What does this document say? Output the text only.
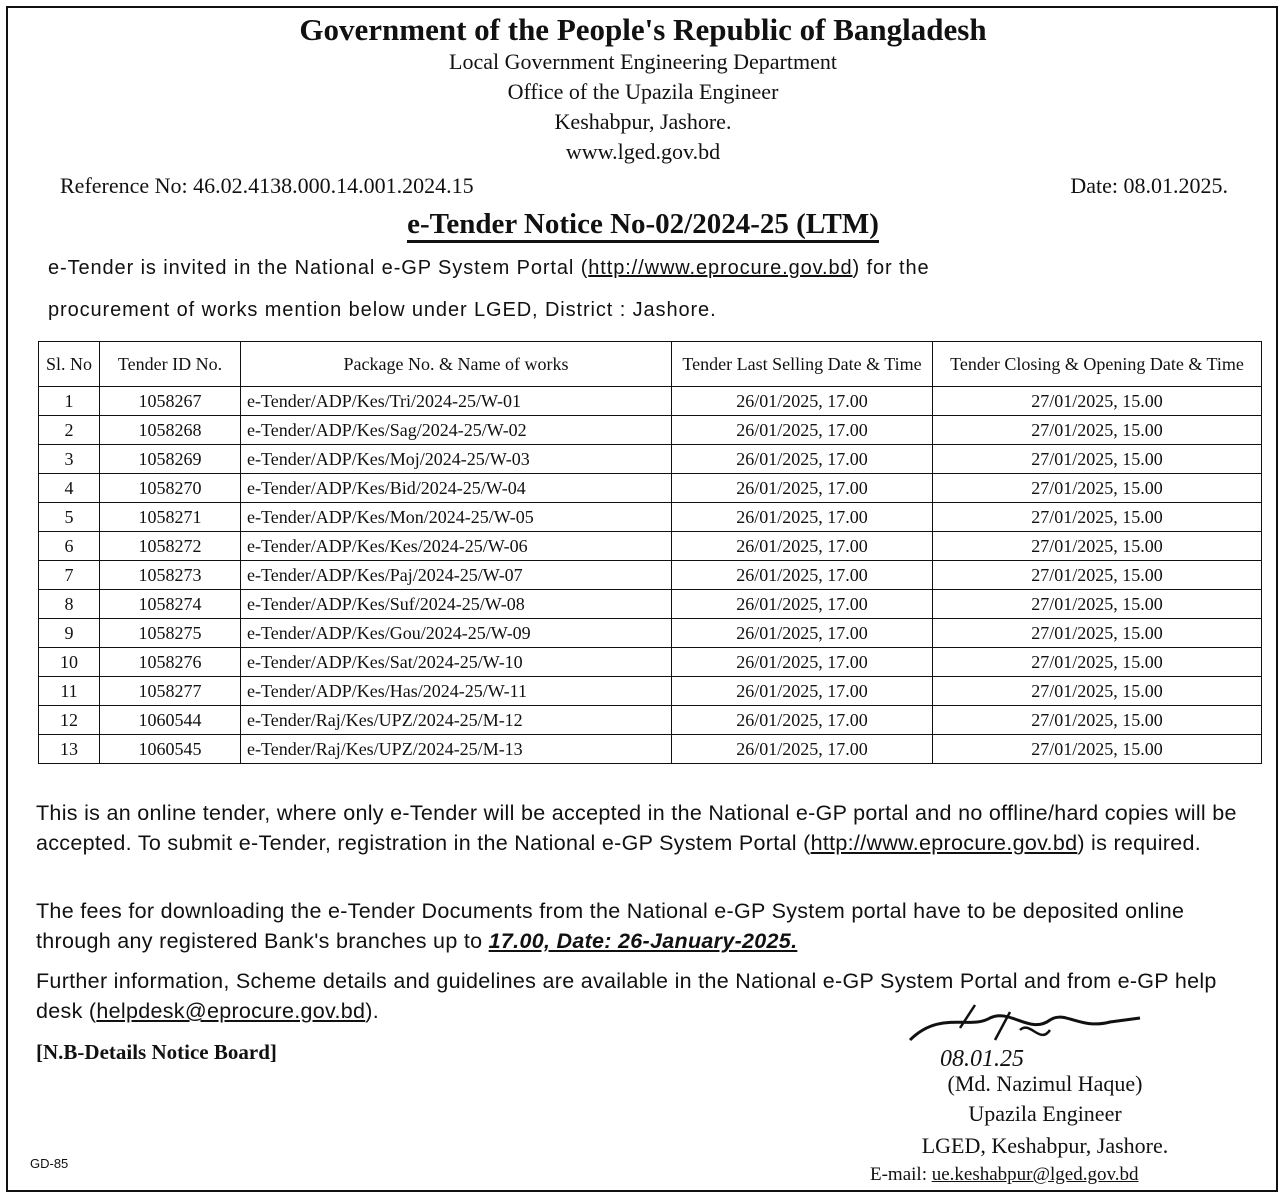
Government of the People's Republic of Bangladesh
Local Government Engineering Department
Office of the Upazila Engineer
Keshabpur, Jashore.
www.lged.gov.bd
Reference No: 46.02.4138.000.14.001.2024.15	Date: 08.01.2025.
e-Tender Notice No-02/2024-25 (LTM)
e-Tender is invited in the National e-GP System Portal (http://www.eprocure.gov.bd) for the
procurement of works mention below under LGED, District : Jashore.
Sl. No	Tender ID No.	Package No. & Name of works	Tender Last Selling Date & Time	Tender Closing & Opening Date & Time
1	1058267	e-Tender/ADP/Kes/Tri/2024-25/W-01	26/01/2025, 17.00	27/01/2025, 15.00
2	1058268	e-Tender/ADP/Kes/Sag/2024-25/W-02	26/01/2025, 17.00	27/01/2025, 15.00
3	1058269	e-Tender/ADP/Kes/Moj/2024-25/W-03	26/01/2025, 17.00	27/01/2025, 15.00
4	1058270	e-Tender/ADP/Kes/Bid/2024-25/W-04	26/01/2025, 17.00	27/01/2025, 15.00
5	1058271	e-Tender/ADP/Kes/Mon/2024-25/W-05	26/01/2025, 17.00	27/01/2025, 15.00
6	1058272	e-Tender/ADP/Kes/Kes/2024-25/W-06	26/01/2025, 17.00	27/01/2025, 15.00
7	1058273	e-Tender/ADP/Kes/Paj/2024-25/W-07	26/01/2025, 17.00	27/01/2025, 15.00
8	1058274	e-Tender/ADP/Kes/Suf/2024-25/W-08	26/01/2025, 17.00	27/01/2025, 15.00
9	1058275	e-Tender/ADP/Kes/Gou/2024-25/W-09	26/01/2025, 17.00	27/01/2025, 15.00
10	1058276	e-Tender/ADP/Kes/Sat/2024-25/W-10	26/01/2025, 17.00	27/01/2025, 15.00
11	1058277	e-Tender/ADP/Kes/Has/2024-25/W-11	26/01/2025, 17.00	27/01/2025, 15.00
12	1060544	e-Tender/Raj/Kes/UPZ/2024-25/M-12	26/01/2025, 17.00	27/01/2025, 15.00
13	1060545	e-Tender/Raj/Kes/UPZ/2024-25/M-13	26/01/2025, 17.00	27/01/2025, 15.00
This is an online tender, where only e-Tender will be accepted in the National e-GP portal and no offline/hard copies will be accepted. To submit e-Tender, registration in the National e-GP System Portal (http://www.eprocure.gov.bd) is required.
The fees for downloading the e-Tender Documents from the National e-GP System portal have to be deposited online through any registered Bank's branches up to 17.00, Date: 26-January-2025.
Further information, Scheme details and guidelines are available in the National e-GP System Portal and from e-GP help desk (helpdesk@eprocure.gov.bd).
[N.B-Details Notice Board]	08.01.25
(Md. Nazimul Haque)
Upazila Engineer
LGED, Keshabpur, Jashore.
E-mail: ue.keshabpur@lged.gov.bd
GD-85
